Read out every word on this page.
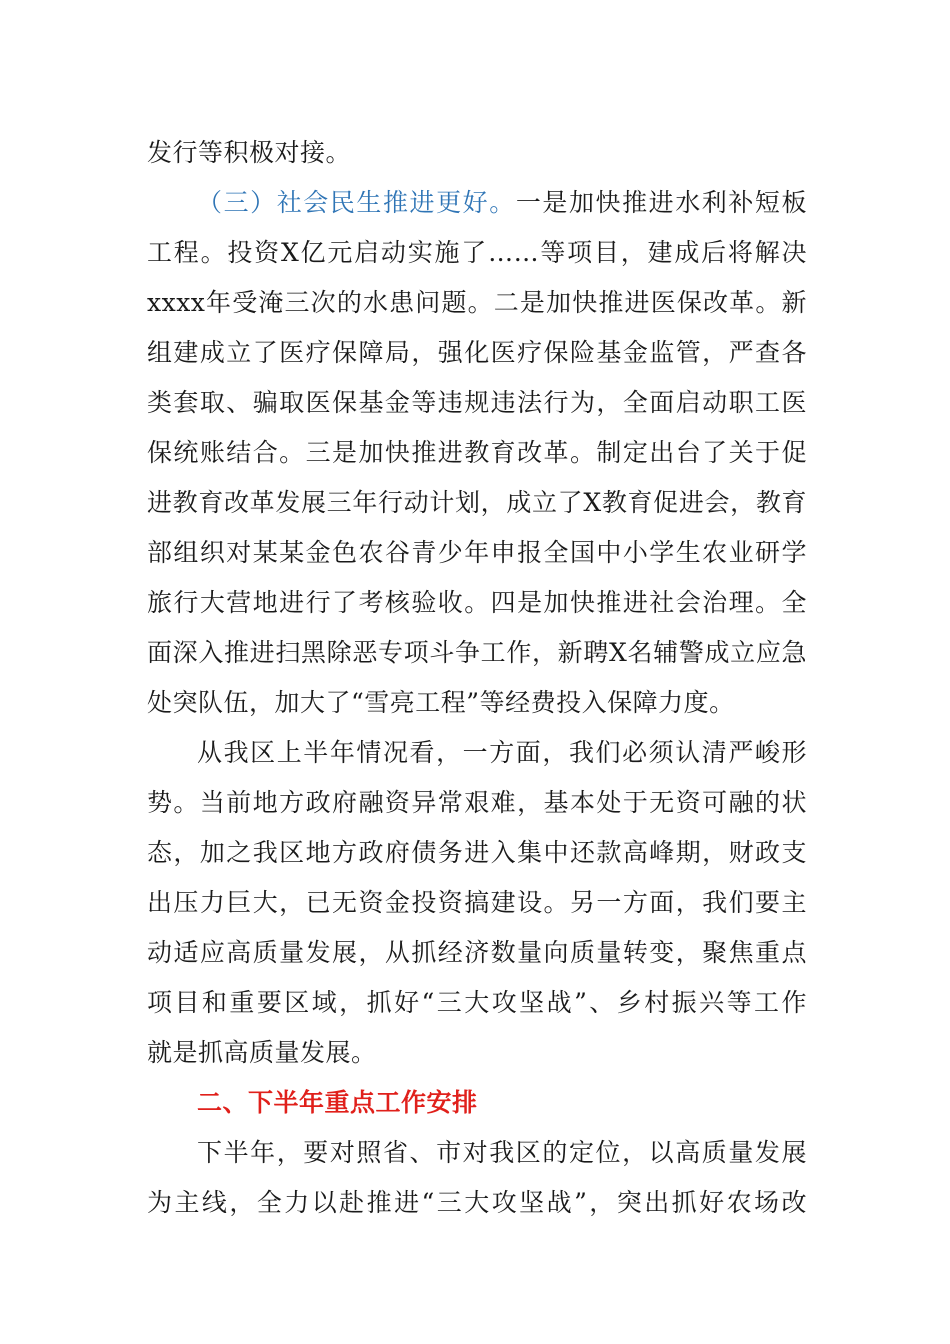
发行等积极对接。
（三）社会民生推进更好。一是加快推进水利补短板
工程。投资X亿元启动实施了……等项目，建成后将解决
xxxx年受淹三次的水患问题。二是加快推进医保改革。新
组建成立了医疗保障局，强化医疗保险基金监管，严查各
类套取、骗取医保基金等违规违法行为，全面启动职工医
保统账结合。三是加快推进教育改革。制定出台了关于促
进教育改革发展三年行动计划，成立了X教育促进会，教育
部组织对某某金色农谷青少年申报全国中小学生农业研学
旅行大营地进行了考核验收。四是加快推进社会治理。全
面深入推进扫黑除恶专项斗争工作，新聘X名辅警成立应急
处突队伍，加大了“雪亮工程”等经费投入保障力度。
从我区上半年情况看，一方面，我们必须认清严峻形
势。当前地方政府融资异常艰难，基本处于无资可融的状
态，加之我区地方政府债务进入集中还款高峰期，财政支
出压力巨大，已无资金投资搞建设。另一方面，我们要主
动适应高质量发展，从抓经济数量向质量转变，聚焦重点
项目和重要区域，抓好“三大攻坚战”、乡村振兴等工作
就是抓高质量发展。
二、下半年重点工作安排
下半年，要对照省、市对我区的定位，以高质量发展
为主线，全力以赴推进“三大攻坚战”，突出抓好农场改
